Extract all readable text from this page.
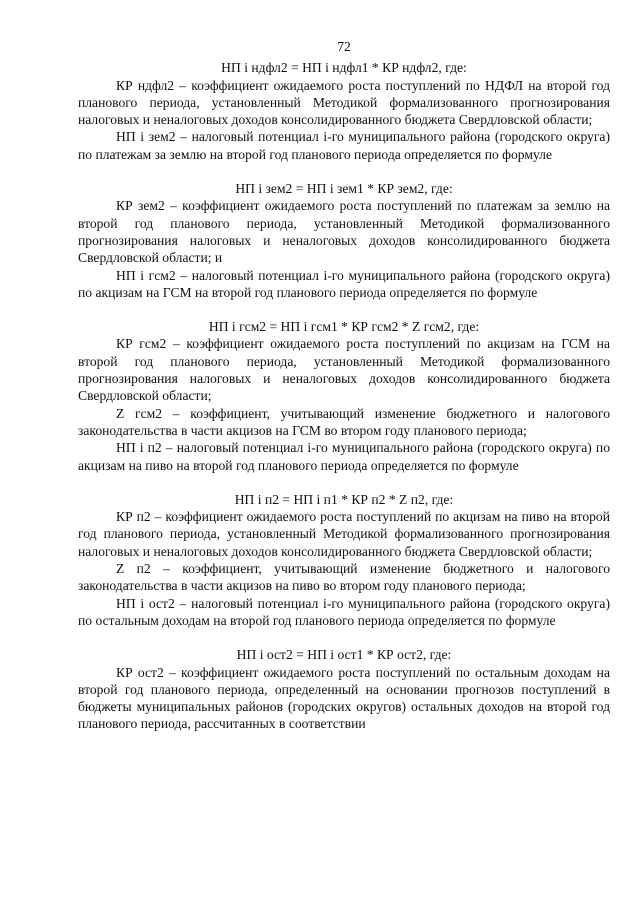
72

НП i ндфл2 = НП i ндфл1 * КР ндфл2, где:

КР ндфл2 – коэффициент ожидаемого роста поступлений по НДФЛ на второй год планового периода, установленный Методикой формализованного прогнозирования налоговых и неналоговых доходов консолидированного бюджета Свердловской области;

НП i зем2 – налоговый потенциал i-го муниципального района (городского округа) по платежам за землю на второй год планового периода определяется по формуле

НП i зем2 = НП i зем1 * КР зем2, где:

КР зем2 – коэффициент ожидаемого роста поступлений по платежам за землю на второй год планового периода, установленный Методикой формализованного прогнозирования налоговых и неналоговых доходов консолидированного бюджета Свердловской области; и

НП i гсм2 – налоговый потенциал i-го муниципального района (городского округа) по акцизам на ГСМ на второй год планового периода определяется по формуле

НП i гсм2 = НП i гсм1 * КР гсм2 * Z гсм2, где:

КР гсм2 – коэффициент ожидаемого роста поступлений по акцизам на ГСМ на второй год планового периода, установленный Методикой формализованного прогнозирования налоговых и неналоговых доходов консолидированного бюджета Свердловской области;

Z гсм2 – коэффициент, учитывающий изменение бюджетного и налогового законодательства в части акцизов на ГСМ во втором году планового периода;

НП i п2 – налоговый потенциал i-го муниципального района (городского округа) по акцизам на пиво на второй год планового периода определяется по формуле

НП i п2 = НП i п1 * КР п2 * Z п2, где:

КР п2 – коэффициент ожидаемого роста поступлений по акцизам на пиво на второй год планового периода, установленный Методикой формализованного прогнозирования налоговых и неналоговых доходов консолидированного бюджета Свердловской области;

Z п2 – коэффициент, учитывающий изменение бюджетного и налогового законодательства в части акцизов на пиво во втором году планового периода;

НП i ост2 – налоговый потенциал i-го муниципального района (городского округа) по остальным доходам на второй год планового периода определяется по формуле

НП i ост2 = НП i ост1 * КР ост2, где:

КР ост2 – коэффициент ожидаемого роста поступлений по остальным доходам на второй год планового периода, определенный на основании прогнозов поступлений в бюджеты муниципальных районов (городских округов) остальных доходов на второй год планового периода, рассчитанных в соответствии
